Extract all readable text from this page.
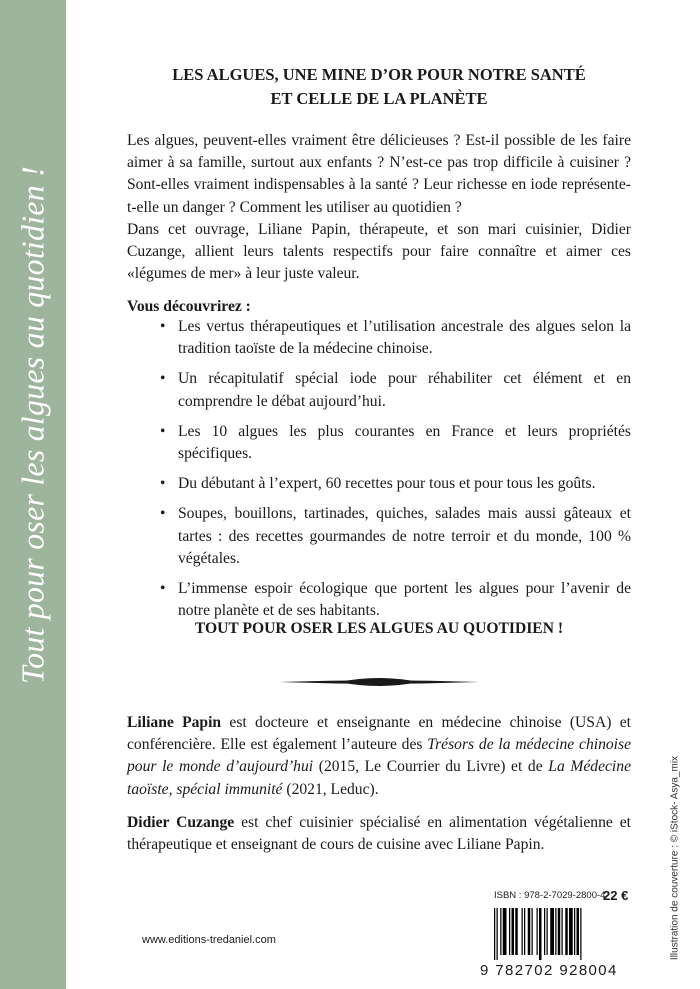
Tout pour oser les algues au quotidien !
LES ALGUES, UNE MINE D’OR POUR NOTRE SANTÉ
ET CELLE DE LA PLANÈTE
Les algues, peuvent-elles vraiment être délicieuses ? Est-il possible de les faire aimer à sa famille, surtout aux enfants ? N’est-ce pas trop difficile à cuisiner ? Sont-elles vraiment indispensables à la santé ? Leur richesse en iode représente-t-elle un danger ? Comment les utiliser au quotidien ?
Dans cet ouvrage, Liliane Papin, thérapeute, et son mari cuisinier, Didier Cuzange, allient leurs talents respectifs pour faire connaître et aimer ces «légumes de mer» à leur juste valeur.
Vous découvrirez :
• Les vertus thérapeutiques et l’utilisation ancestrale des algues selon la tradition taoïste de la médecine chinoise.
• Un récapitulatif spécial iode pour réhabiliter cet élément et en comprendre le débat aujourd’hui.
• Les 10 algues les plus courantes en France et leurs propriétés spécifiques.
• Du débutant à l’expert, 60 recettes pour tous et pour tous les goûts.
• Soupes, bouillons, tartinades, quiches, salades mais aussi gâteaux et tartes : des recettes gourmandes de notre terroir et du monde, 100 % végétales.
• L’immense espoir écologique que portent les algues pour l’avenir de notre planète et de ses habitants.
TOUT POUR OSER LES ALGUES AU QUOTIDIEN !
Liliane Papin est docteure et enseignante en médecine chinoise (USA) et conférencière. Elle est également l’auteure des Trésors de la médecine chinoise pour le monde d’aujourd’hui (2015, Le Courrier du Livre) et de La Médecine taoïste, spécial immunité (2021, Leduc).
Didier Cuzange est chef cuisinier spécialisé en alimentation végétalienne et thérapeutique et enseignant de cours de cuisine avec Liliane Papin.
www.editions-tredaniel.com
ISBN : 978-2-7029-2800-4
22 €
9 782702 928004
Illustration de couverture : © iStock- Asya_mix
